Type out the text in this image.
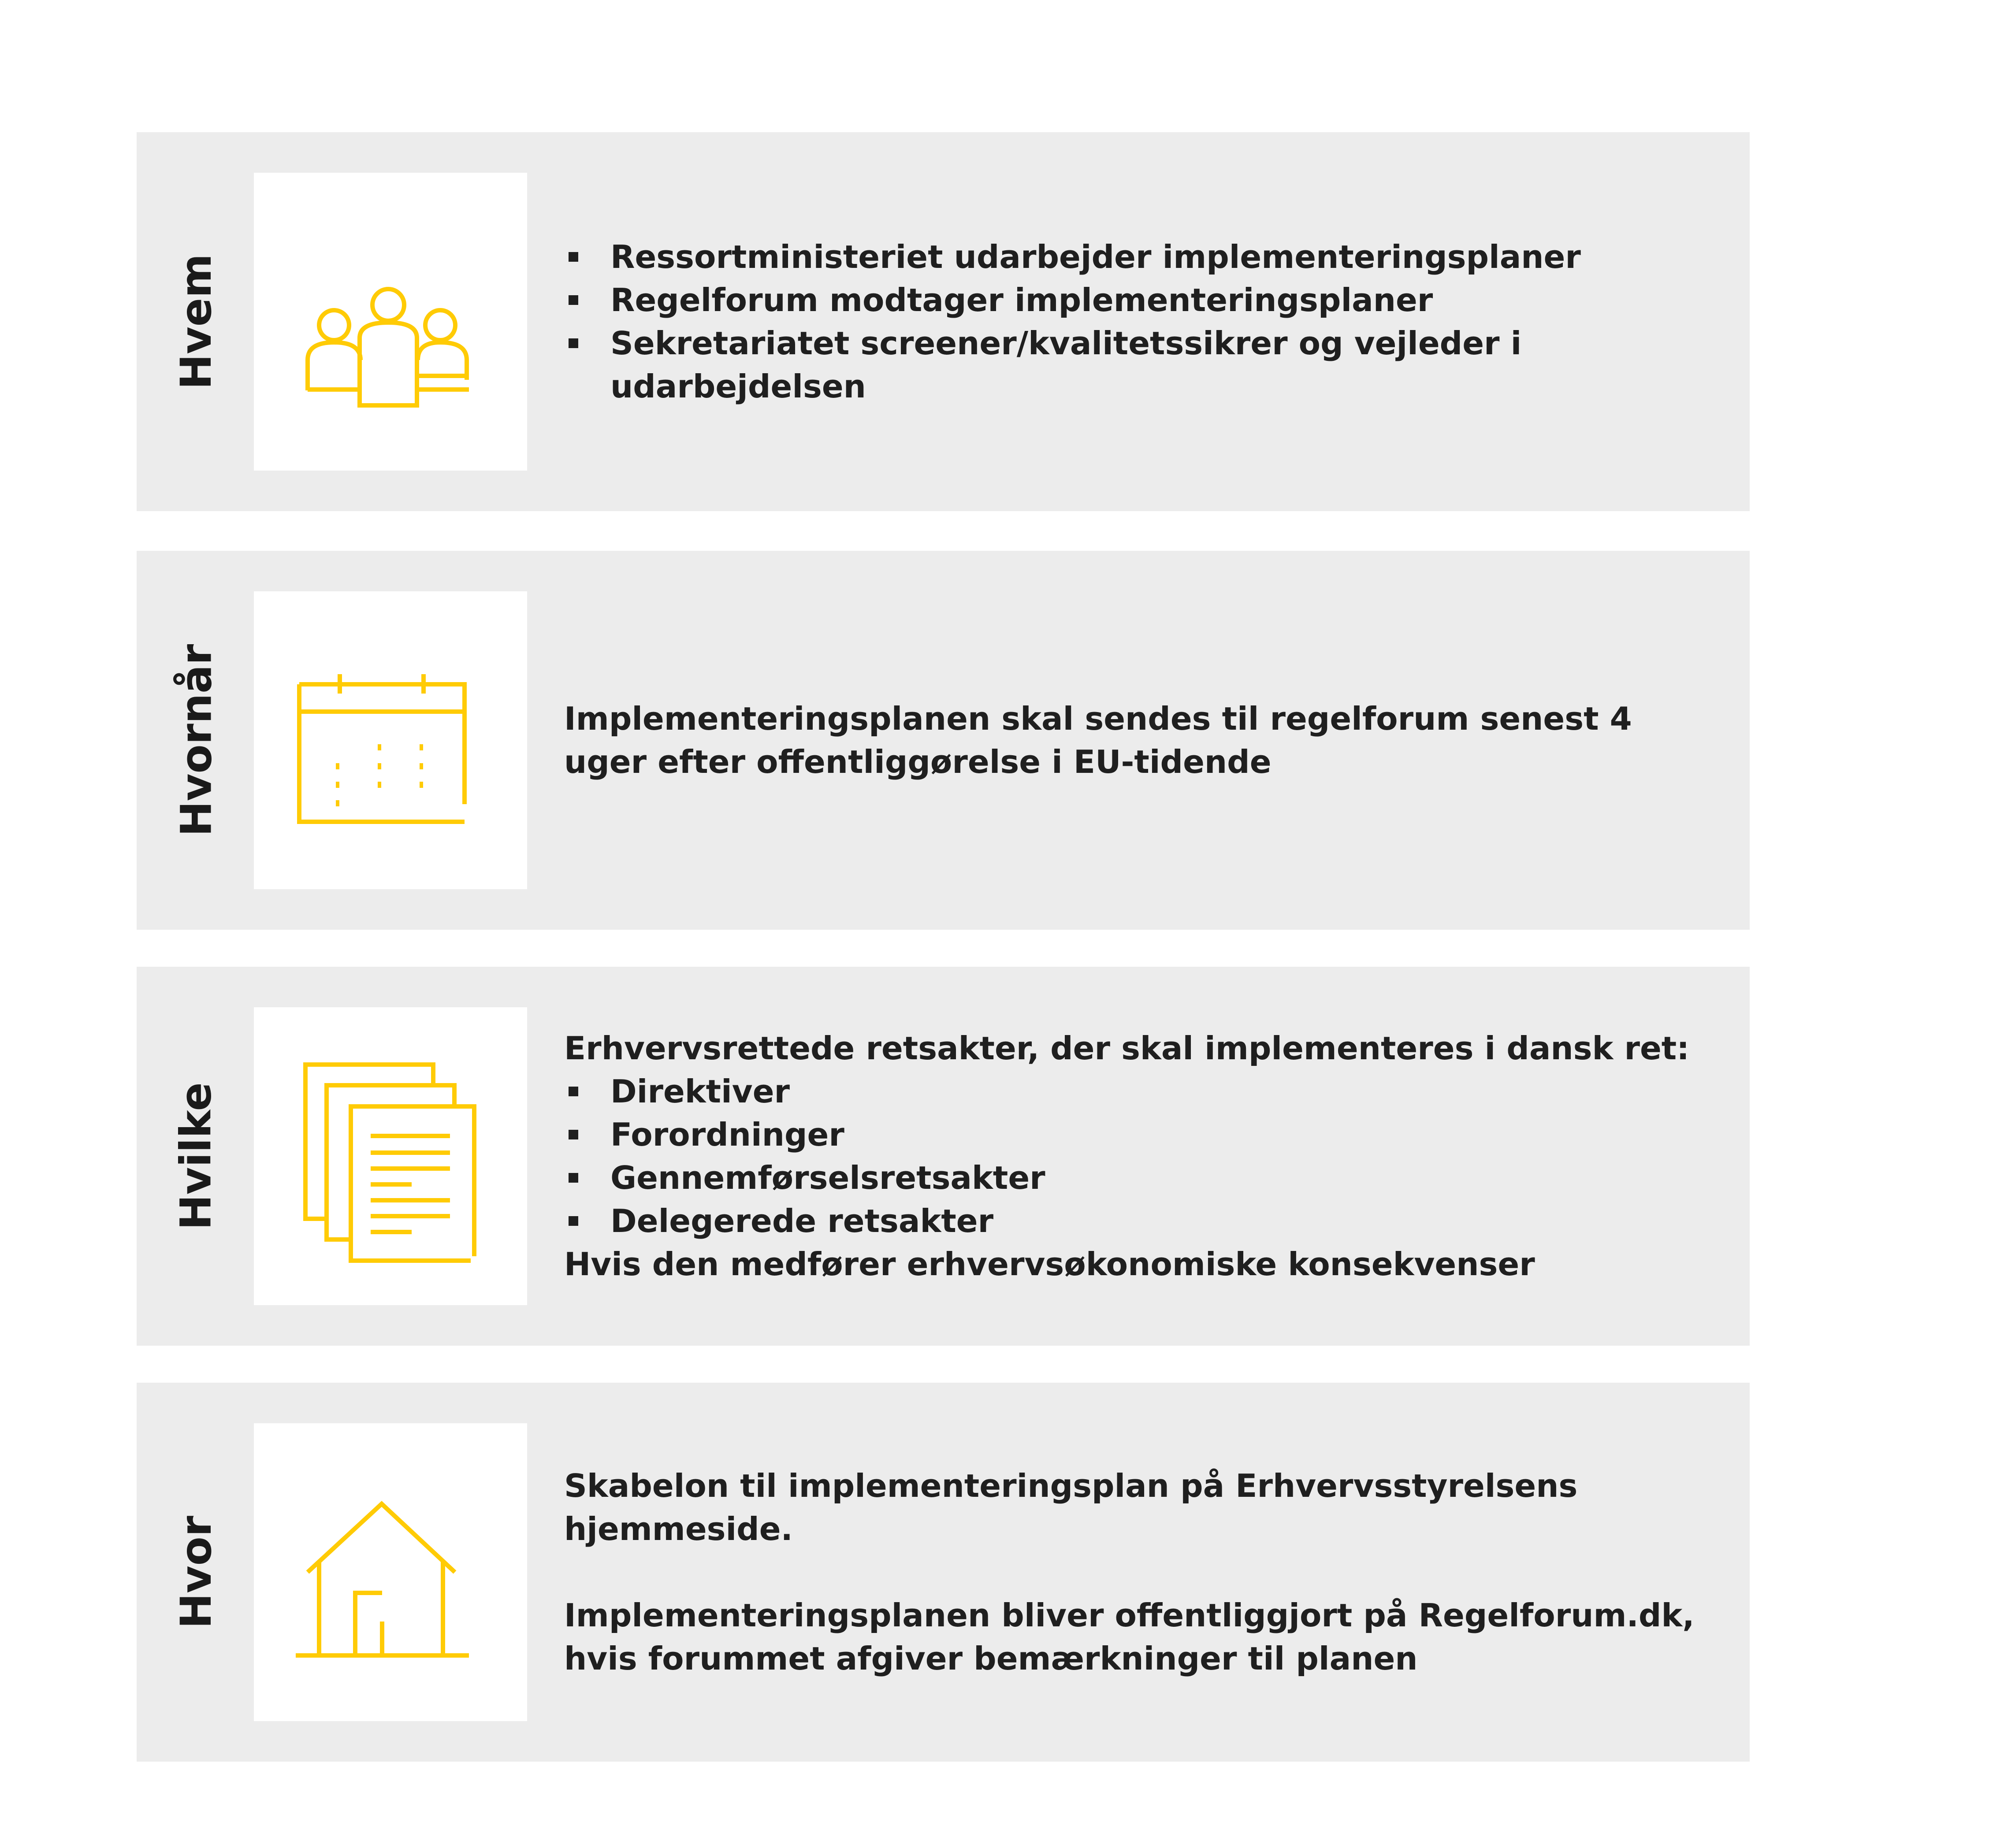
Hvem	Ressortministeriet udarbejder implementeringsplaner
Regelforum modtager implementeringsplaner
Sekretariatet screener/kvalitetssikrer og vejleder i udarbejdelsen
Hvornår	Implementeringsplanen skal sendes til regelforum senest 4 uger efter offentliggørelse i EU-tidende

Hvilke

Erhvervsrettede retsakter, der skal implementeres i dansk ret:

Direktiver
Forordninger
Gennemførselsretsakter
Delegerede retsakter

Hvis den medfører erhvervsøkonomiske konsekvenser

Hvor

Skabelon til implementeringsplan på Erhvervsstyrelsens hjemmeside.

Implementeringsplanen bliver offentliggjort på Regelforum.dk, hvis forummet afgiver bemærkninger til planen
